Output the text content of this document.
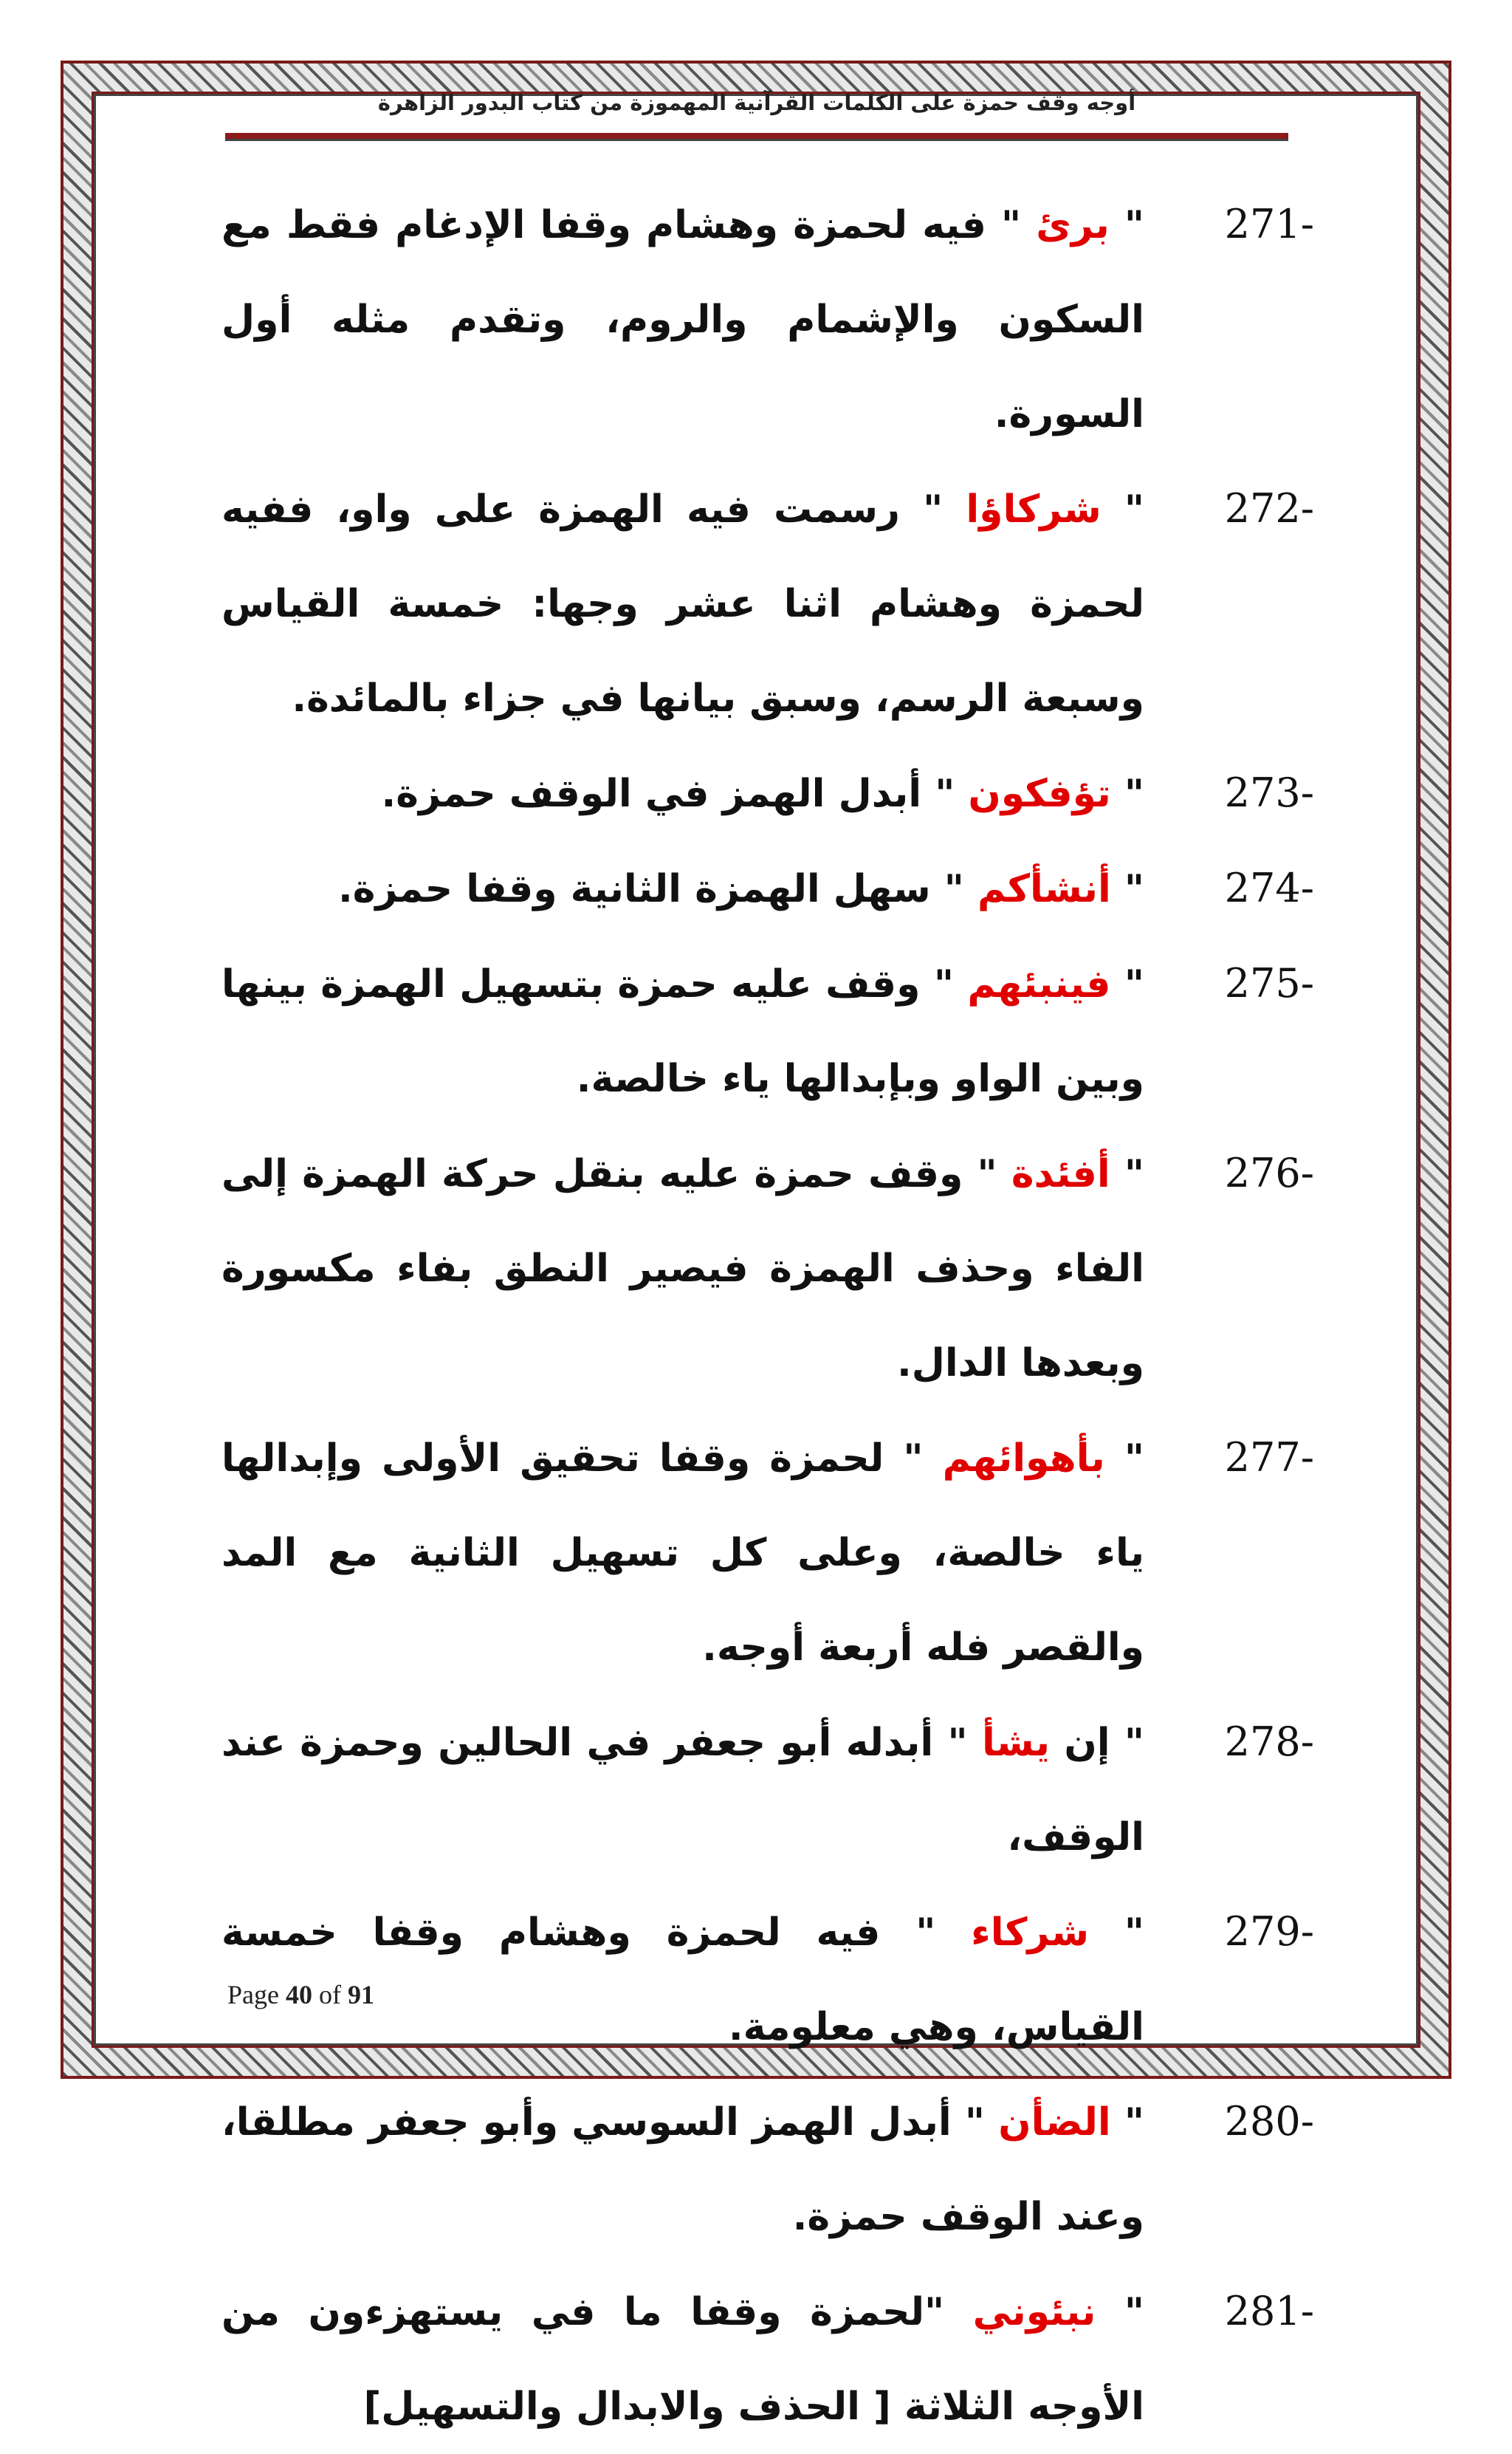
أوجه وقف حمزة على الكلمات القرآنية المهموزة من كتاب البدور الزاهرة

271-" برئ " فيه لحمزة وهشام وقفا الإدغام فقط مع السكون والإشمام والروم، وتقدم مثله أول السورة.

272-" شركاؤا " رسمت فيه الهمزة على واو، ففيه لحمزة وهشام اثنا عشر وجها: خمسة القياس وسبعة الرسم، وسبق بيانها في جزاء بالمائدة.

273-" تؤفكون " أبدل الهمز في الوقف حمزة.

274-" أنشأكم " سهل الهمزة الثانية وقفا حمزة.

275-" فينبئهم " وقف عليه حمزة بتسهيل الهمزة بينها وبين الواو وبإبدالها ياء خالصة.

276-" أفئدة " وقف حمزة عليه بنقل حركة الهمزة إلى الفاء وحذف الهمزة فيصير النطق بفاء مكسورة وبعدها الدال.

277-" بأهوائهم " لحمزة وقفا تحقيق الأولى وإبدالها ياء خالصة، وعلى كل تسهيل الثانية مع المد والقصر فله أربعة أوجه.

278-" إن يشأ " أبدله أبو جعفر في الحالين وحمزة عند الوقف،

279-" شركاء " فيه لحمزة وهشام وقفا خمسة القياس، وهي معلومة.

280-" الضأن " أبدل الهمز السوسي وأبو جعفر مطلقا، وعند الوقف حمزة.

281-" نبئوني "لحمزة وقفا ما في يستهزءون من الأوجه الثلاثة [ الحذف والابدال والتسهيل]

Page 40 of 91
